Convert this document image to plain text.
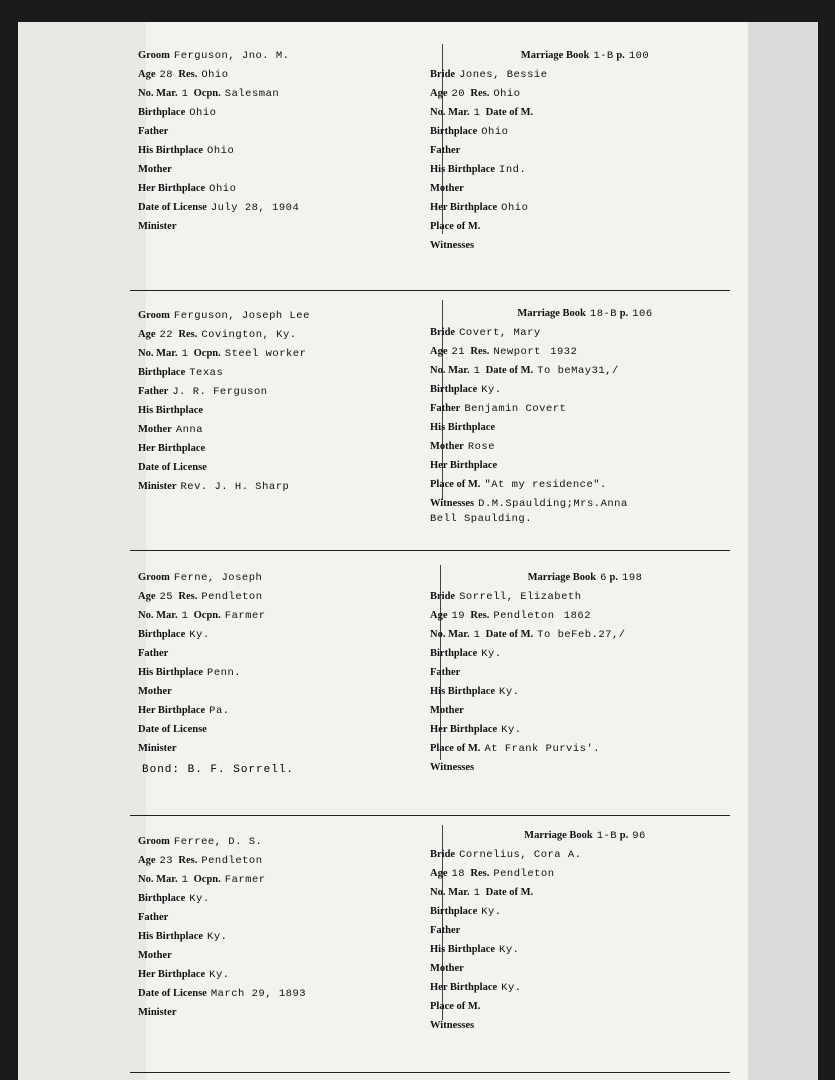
Groom Ferguson, Jno. M.
Age 28 Res. Ohio
No. Mar. 1 Ocpn. Salesman
Birthplace Ohio
Father
His Birthplace Ohio
Mother
Her Birthplace Ohio
Date of License July 28, 1904
Minister
Marriage Book 1-B p. 100
Bride Jones, Bessie
Age 20 Res. Ohio
No. Mar. 1 Date of M.
Birthplace Ohio
Father
His Birthplace Ind.
Mother
Her Birthplace Ohio
Place of M.
Witnesses
Groom Ferguson, Joseph Lee
Age 22 Res. Covington, Ky.
No. Mar. 1 Ocpn. Steel worker
Birthplace Texas
Father J. R. Ferguson
His Birthplace
Mother Anna
Her Birthplace
Date of License
Minister Rev. J. H. Sharp
Marriage Book 18-B p. 106
Bride Covert, Mary
Age 21 Res. Newport 1932
No. Mar. 1 Date of M. To beMay31,/
Birthplace Ky.
Father Benjamin Covert
His Birthplace
Mother Rose
Her Birthplace
Place of M. "At my residence".
Witnesses D.M.Spaulding;Mrs.Anna
Bell Spaulding.
Groom Ferne, Joseph
Age 25 Res. Pendleton
No. Mar. 1 Ocpn. Farmer
Birthplace Ky.
Father
His Birthplace Penn.
Mother
Her Birthplace Pa.
Date of License
Minister
Marriage Book 6 p. 198
Bride Sorrell, Elizabeth
Age 19 Res. Pendleton 1862
No. Mar. 1 Date of M. To beFeb.27,/
Birthplace Ky.
Father
His Birthplace Ky.
Mother
Her Birthplace Ky.
Place of M. At Frank Purvis'.
Witnesses
Bond: B. F. Sorrell.
Groom Ferree, D. S.
Age 23 Res. Pendleton
No. Mar. 1 Ocpn. Farmer
Birthplace Ky.
Father
His Birthplace Ky.
Mother
Her Birthplace Ky.
Date of License March 29, 1893
Minister
Marriage Book 1-B p. 96
Bride Cornelius, Cora A.
Age 18 Res. Pendleton
No. Mar. 1 Date of M.
Birthplace Ky.
Father
His Birthplace Ky.
Mother
Her Birthplace Ky.
Place of M.
Witnesses
